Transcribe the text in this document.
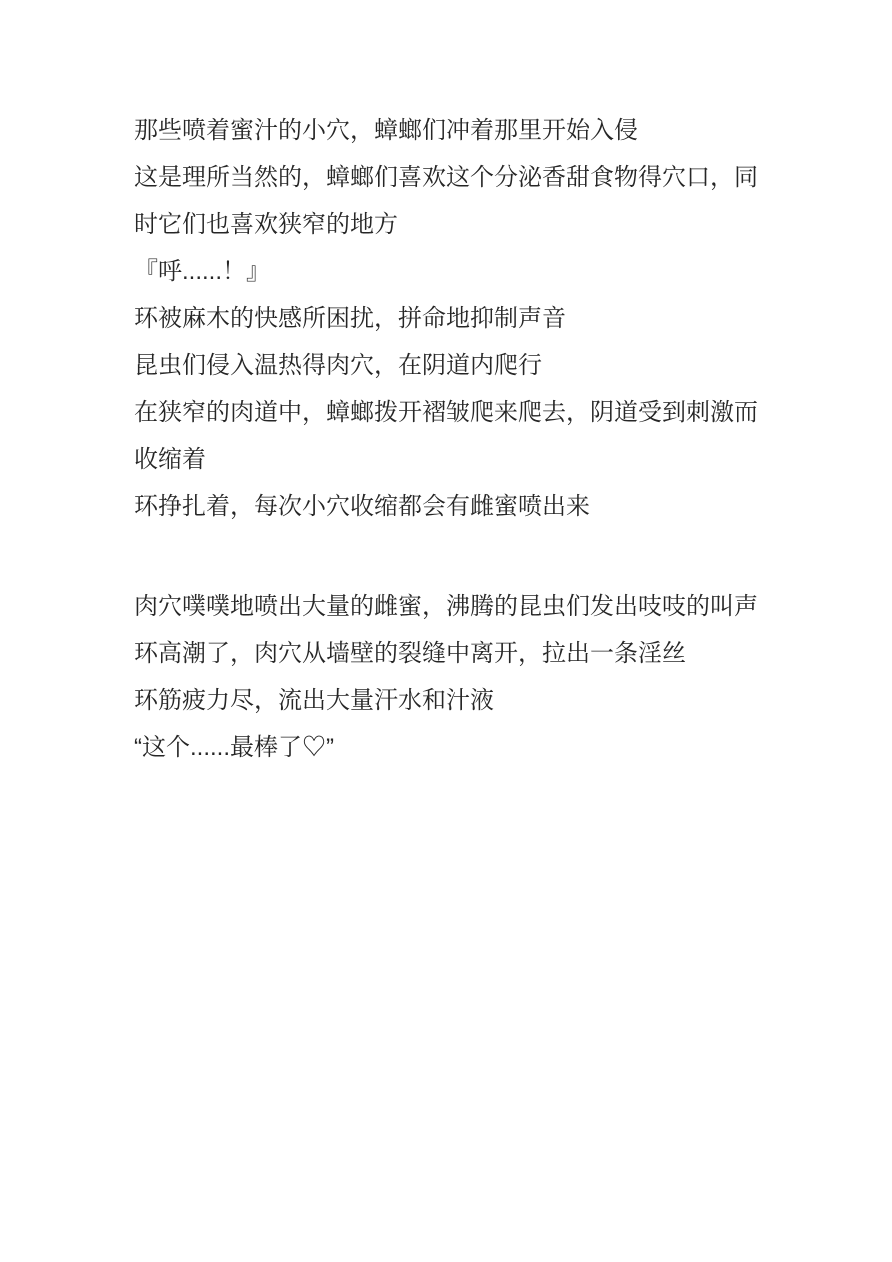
那些喷着蜜汁的小穴，蟑螂们冲着那里开始入侵

这是理所当然的，蟑螂们喜欢这个分泌香甜食物得穴口，同时它们也喜欢狭窄的地方

『呼......！』

环被麻木的快感所困扰，拼命地抑制声音

昆虫们侵入温热得肉穴，在阴道内爬行

在狭窄的肉道中，蟑螂拨开褶皱爬来爬去，阴道受到刺激而收缩着

环挣扎着，每次小穴收缩都会有雌蜜喷出来

肉穴噗噗地喷出大量的雌蜜，沸腾的昆虫们发出吱吱的叫声

环高潮了，肉穴从墙壁的裂缝中离开，拉出一条淫丝

环筋疲力尽，流出大量汗水和汁液

“这个......最棒了♡”
